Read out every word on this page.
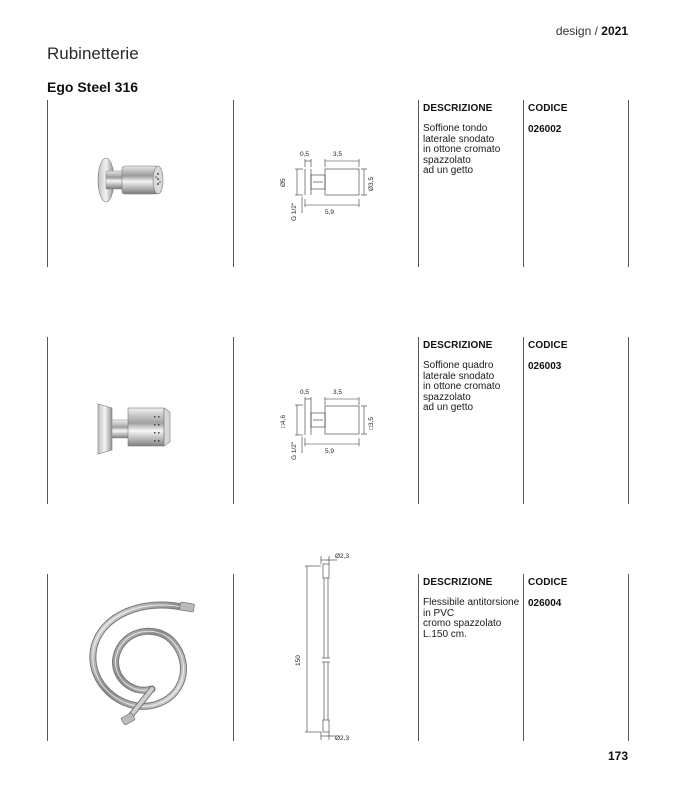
design / 2021
Rubinetterie
Ego Steel 316
0,5	3,5
Ø5
G 1/2"
Ø3,5
5,9
DESCRIZIONE	CODICE
Soffione tondo
laterale snodato
in ottone cromato
spazzolato
ad un getto
026002
0,5	3,5
□4,6
G 1/2"
□3,5
5,9
DESCRIZIONE	CODICE
Soffione quadro
laterale snodato
in ottone cromato
spazzolato
ad un getto
026003
Ø2,3
150
Ø2,3
DESCRIZIONE	CODICE
Flessibile antitorsione
in PVC
cromo spazzolato
L.150 cm.
026004
173
